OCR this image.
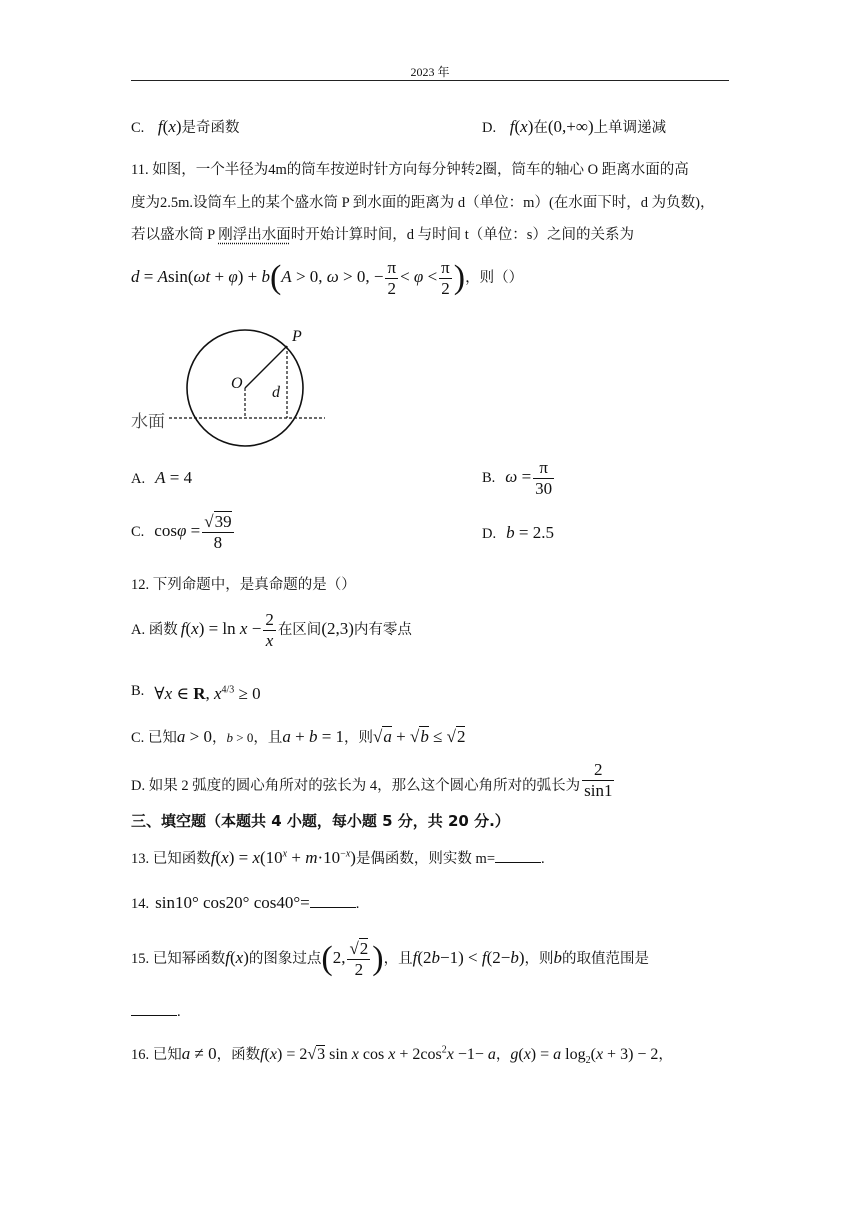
2023 年
C. f(x)是奇函数	D. f(x)在(0,+∞)上单调递减
11. 如图，一个半径为4m的筒车按逆时针方向每分钟转2圈，筒车的轴心 O 距离水面的高
度为2.5m.设筒车上的某个盛水筒 P 到水面的距离为 d（单位：m）(在水面下时，d 为负数)，
若以盛水筒 P 刚浮出水面时开始计算时间，d 与时间 t（单位：s）之间的关系为
d = Asin(ωt + φ) + b(A > 0, ω > 0, − $\frac{\pi}{2} < \varphi < \frac{\pi}{2}$ )，则（）
O
P
d
水面
A. A = 4	B. $\omega = \frac{\pi}{30}$
C. $\cos\varphi = \frac{√39}{8}$	D. b = 2.5
12. 下列命题中，是真命题的是（）
A. 函数 $f(x) = \ln x - \frac{2}{x}$ 在区间(2,3)内有零点
B. ∀x ∈ R, $x^{4/3} \ge 0$
C. 已知a > 0，b > 0，且a + b = 1，则√a + √b ≤ √2
D. 如果 2 弧度的圆心角所对的弦长为 4，那么这个圆心角所对的弧长为 $\frac{2}{\sin 1}$
三、填空题（本题共 4 小题，每小题 5 分，共 20 分.）
13. 已知函数$f(x) = x(10^x + m\cdot 10^{-x})$是偶函数，则实数 m=	.
14. sin10° cos20° cos40°=	.
15. 已知幂函数f(x)的图象过点(2, $\frac{√2}{2}$ )，且f(2b−1) < f(2−b)，则b的取值范围是
.
16. 已知a ≠ 0，函数f(x) = 2√3 sin x $\cos x + 2\cos^2x -1- a$，g(x) = a $\log_2(x + 3) - 2$，
